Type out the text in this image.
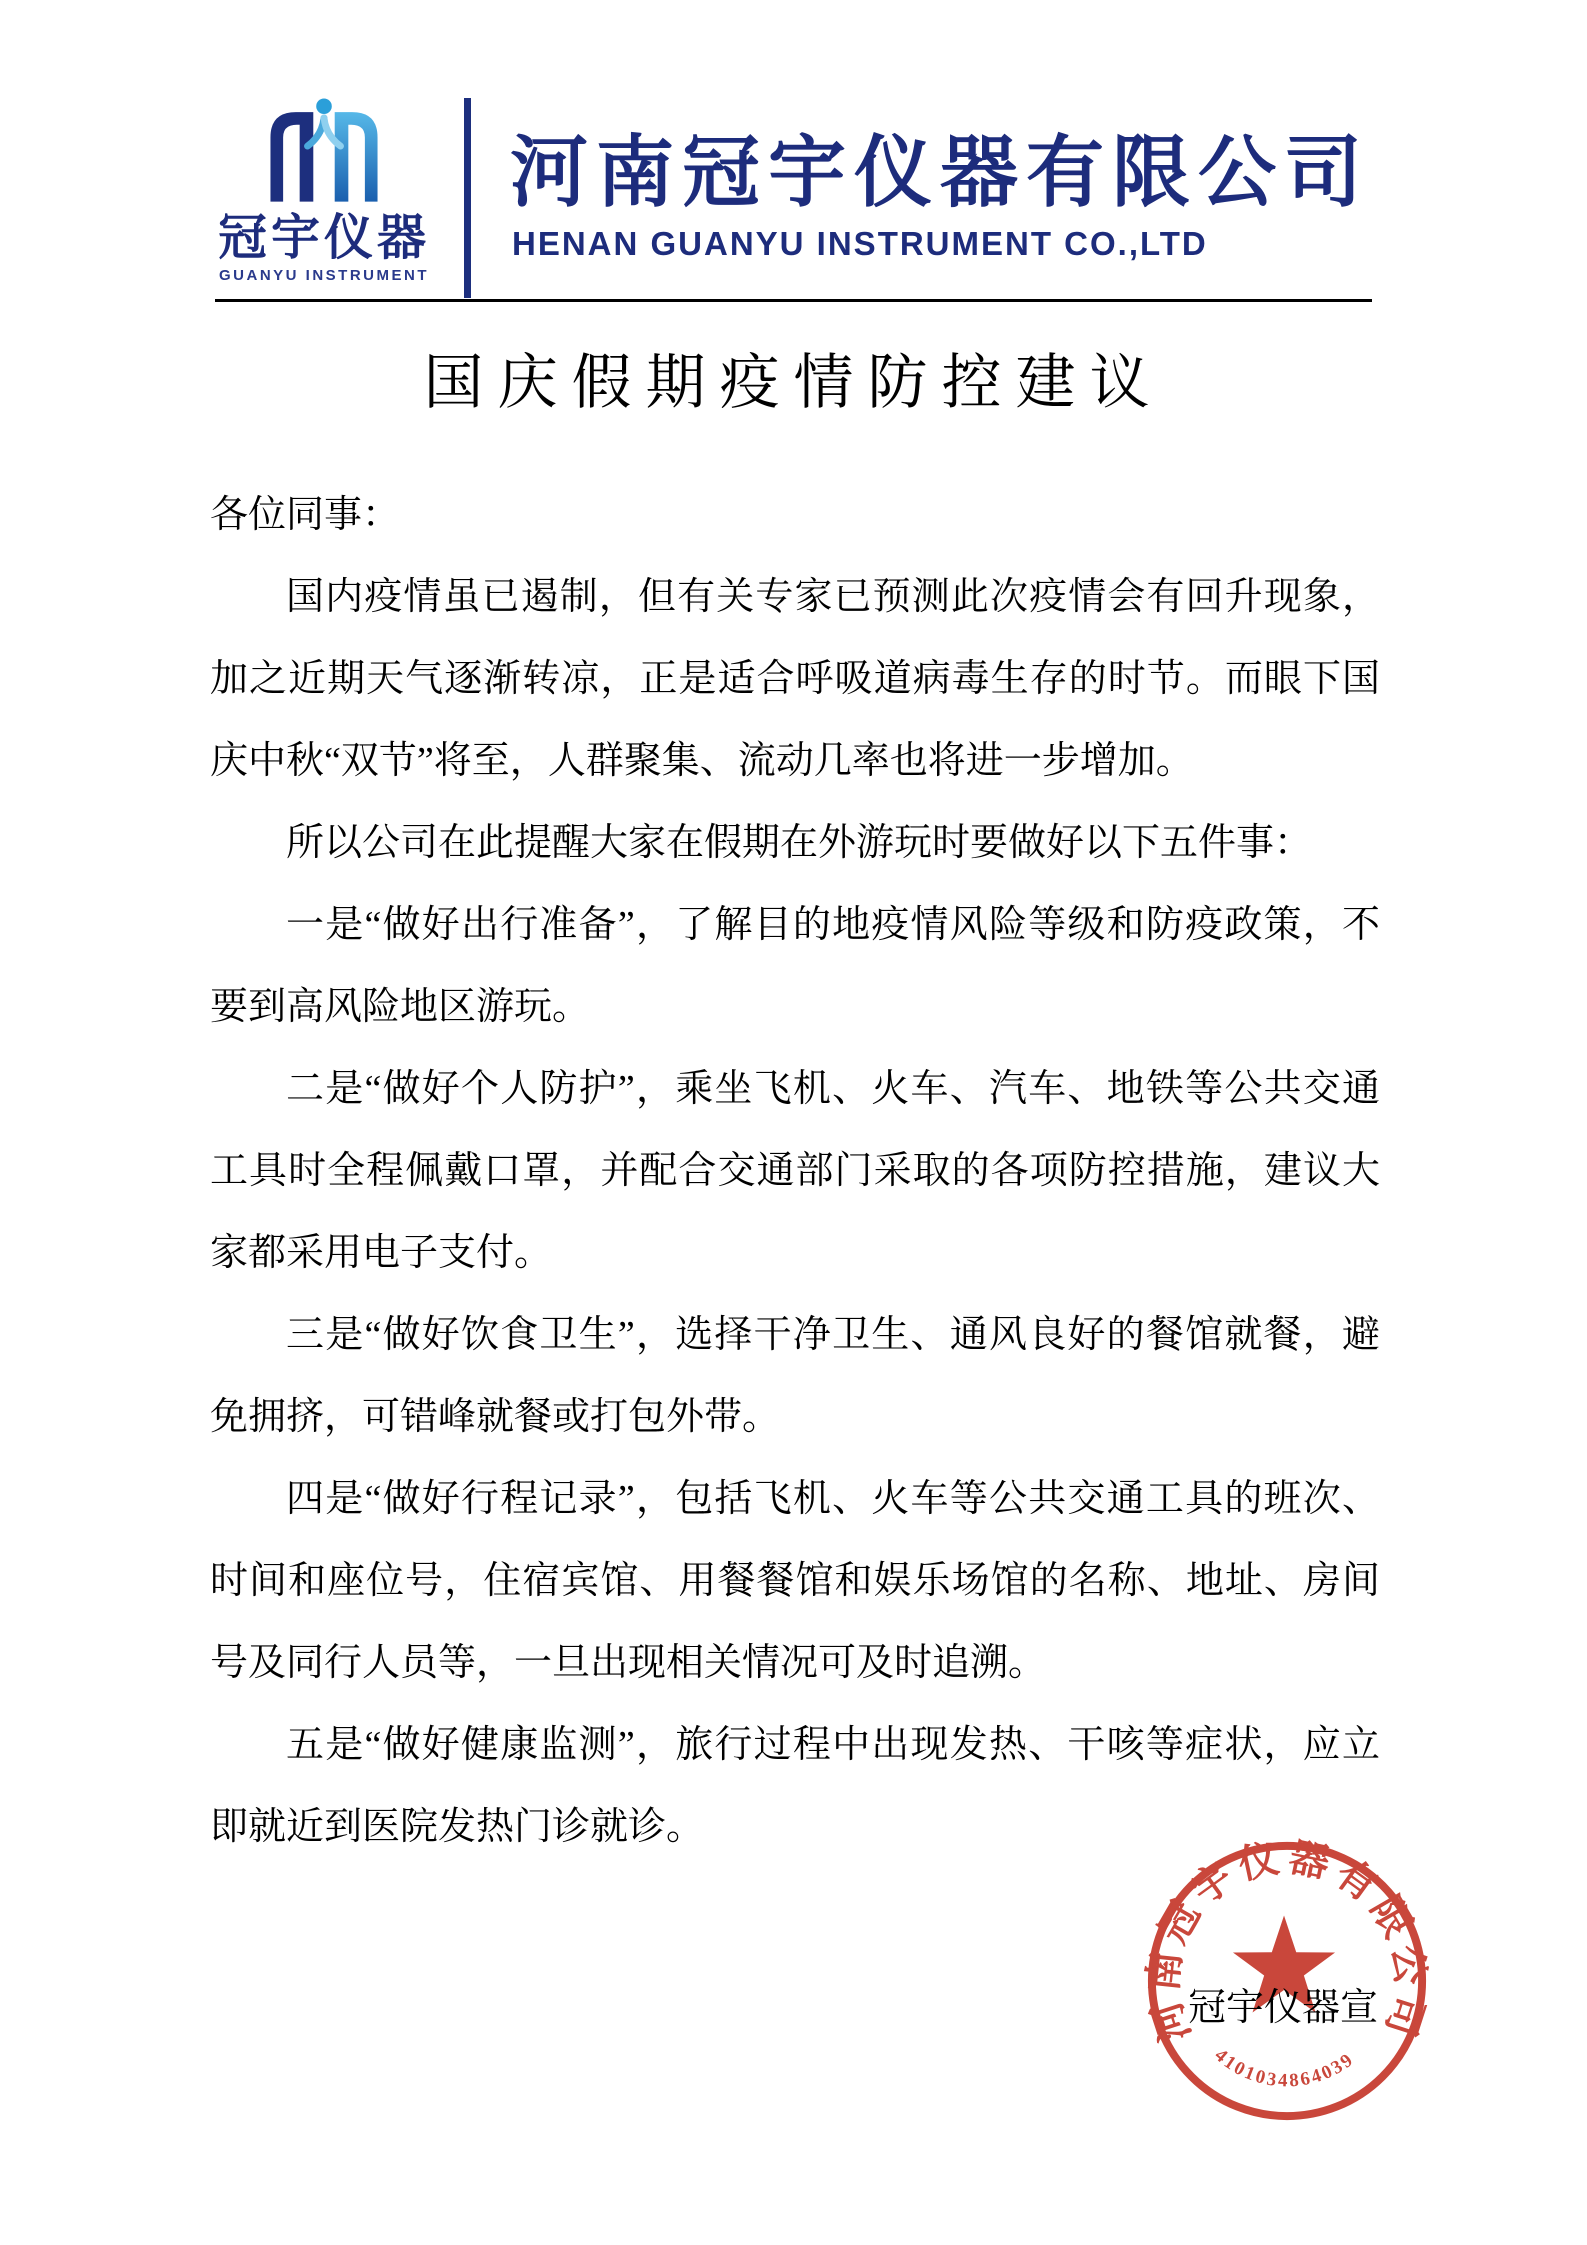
冠宇仪器
GUANYU INSTRUMENT
河南冠宇仪器有限公司
HENAN GUANYU INSTRUMENT CO.,LTD
国庆假期疫情防控建议

各位同事：

国内疫情虽已遏制，但有关专家已预测此次疫情会有回升现象，加之近期天气逐渐转凉，正是适合呼吸道病毒生存的时节。而眼下国庆中秋“双节”将至，人群聚集、流动几率也将进一步增加。

所以公司在此提醒大家在假期在外游玩时要做好以下五件事：

一是“做好出行准备”，了解目的地疫情风险等级和防疫政策，不要到高风险地区游玩。

二是“做好个人防护”，乘坐飞机、火车、汽车、地铁等公共交通工具时全程佩戴口罩，并配合交通部门采取的各项防控措施，建议大家都采用电子支付。

三是“做好饮食卫生”，选择干净卫生、通风良好的餐馆就餐，避免拥挤，可错峰就餐或打包外带。

四是“做好行程记录”，包括飞机、火车等公共交通工具的班次、时间和座位号，住宿宾馆、用餐餐馆和娱乐场馆的名称、地址、房间号及同行人员等，一旦出现相关情况可及时追溯。

五是“做好健康监测”，旅行过程中出现发热、干咳等症状，应立即就近到医院发热门诊就诊。

冠宇仪器宣
河南冠宇仪器有限公司
4101034864039
